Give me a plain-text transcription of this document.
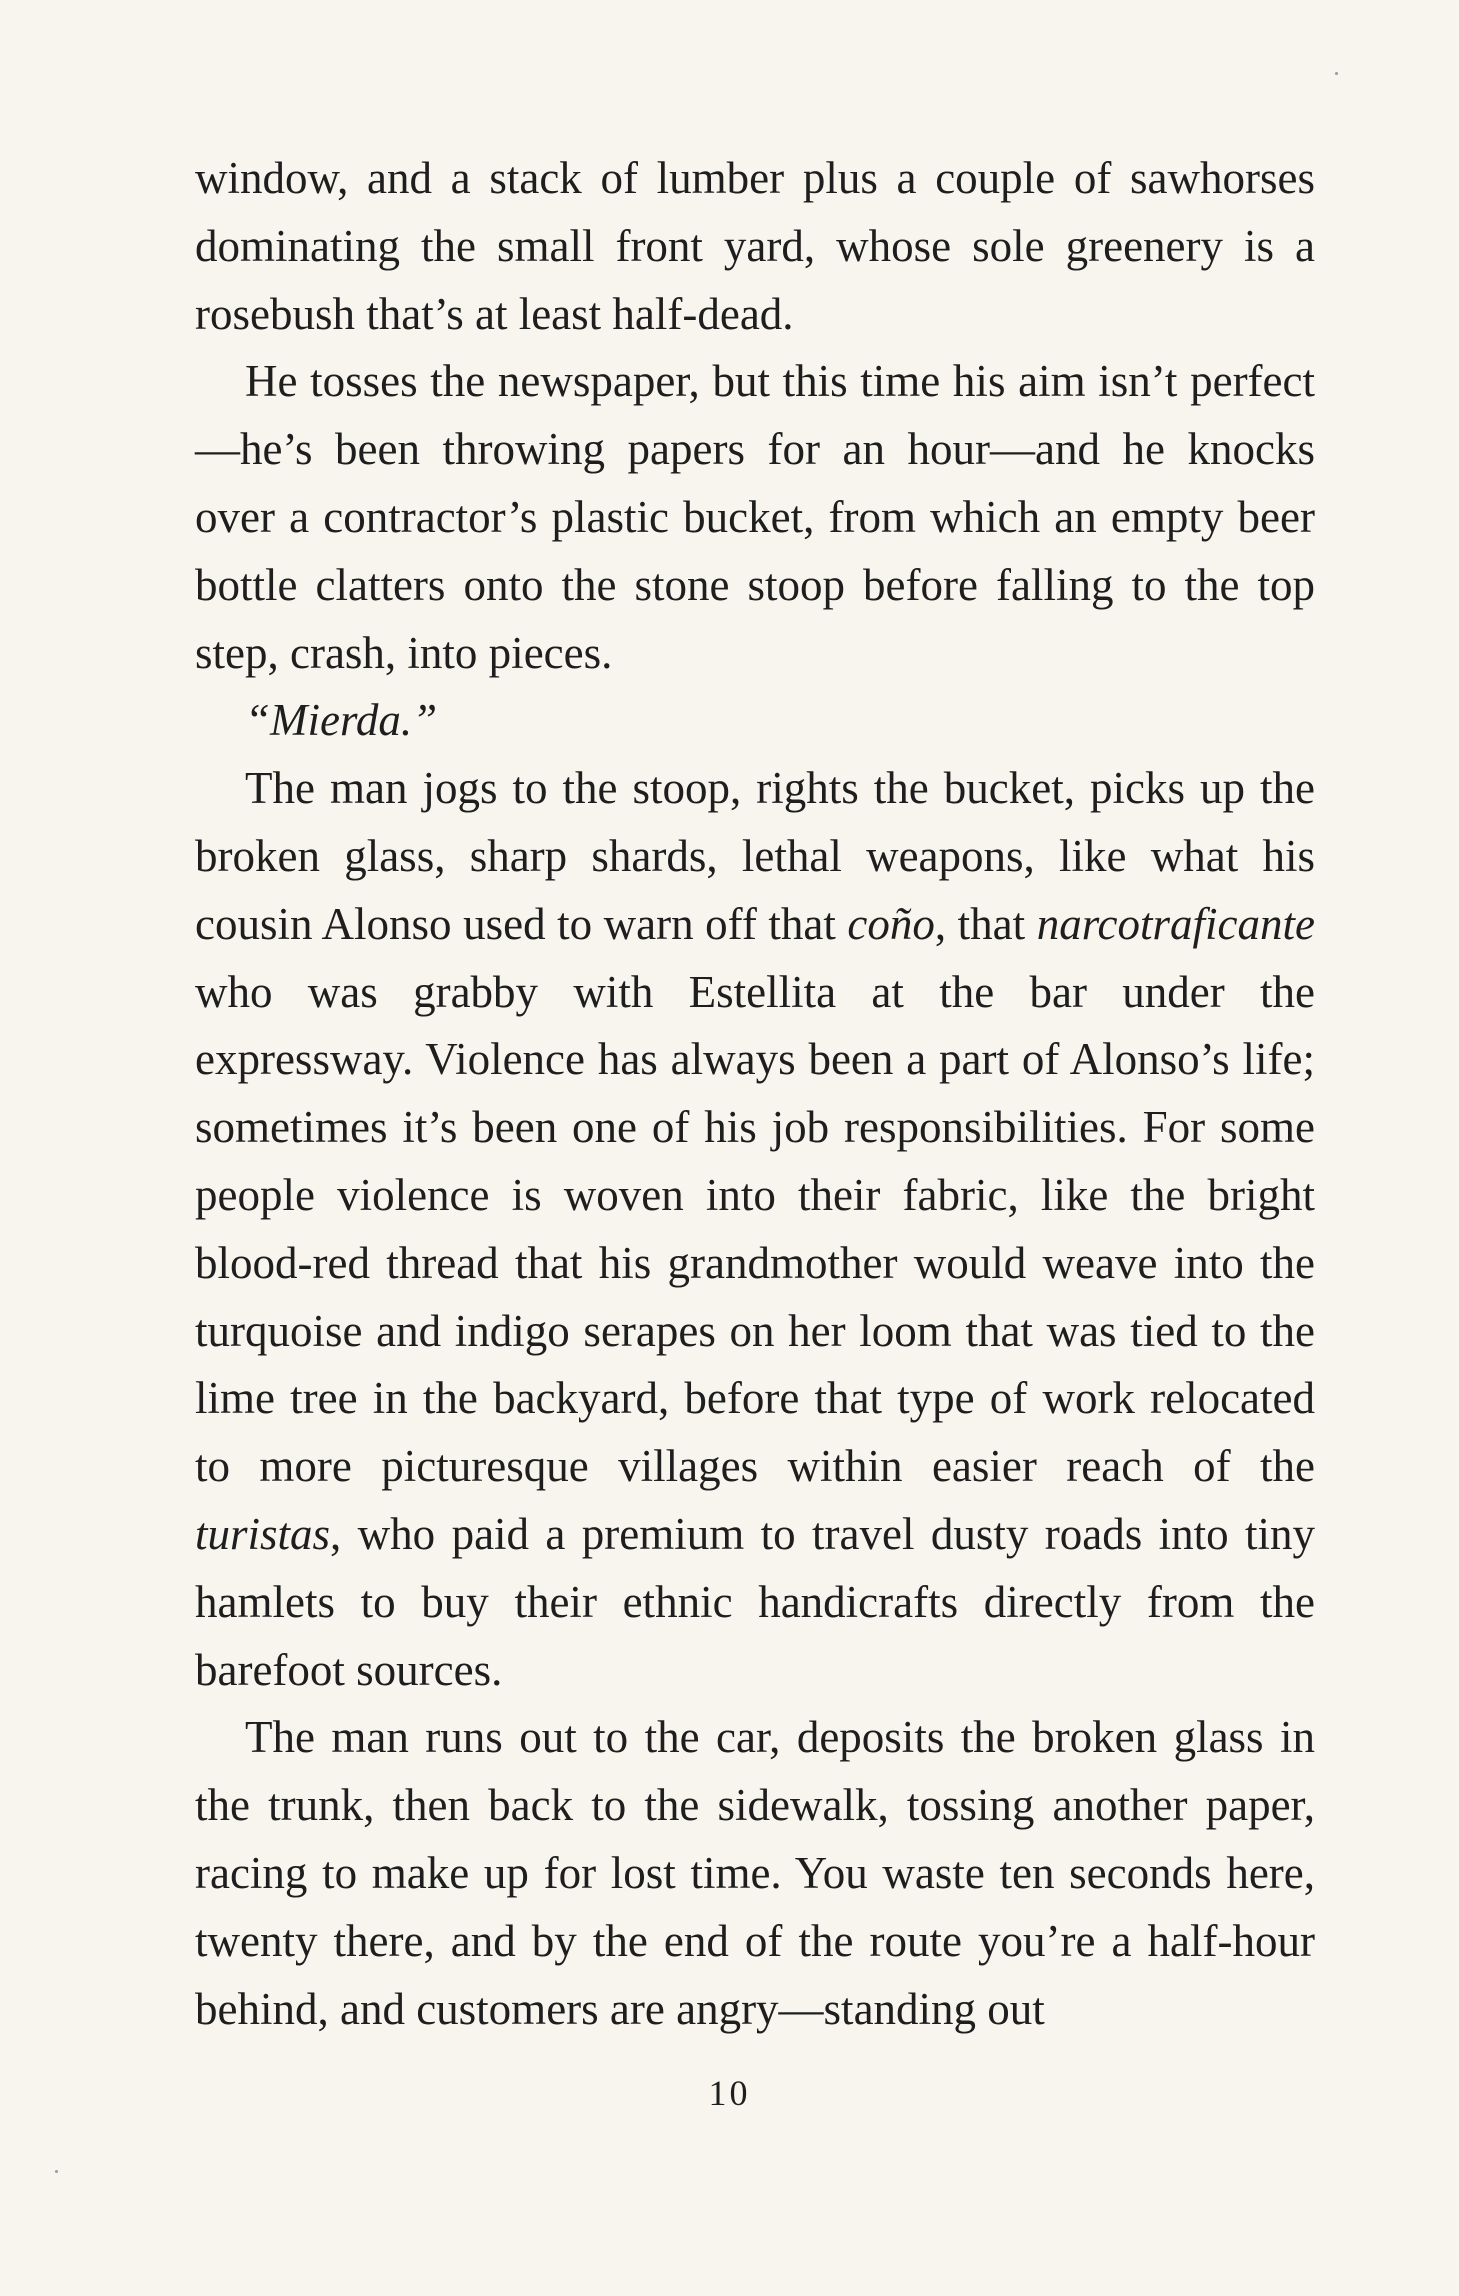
window, and a stack of lumber plus a couple of sawhorses dominating the small front yard, whose sole greenery is a rosebush that’s at least half-dead.

He tosses the newspaper, but this time his aim isn’t perfect—he’s been throwing papers for an hour—and he knocks over a contractor’s plastic bucket, from which an empty beer bottle clatters onto the stone stoop before falling to the top step, crash, into pieces.

“Mierda.”

The man jogs to the stoop, rights the bucket, picks up the broken glass, sharp shards, lethal weapons, like what his cousin Alonso used to warn off that coño, that narcotraficante who was grabby with Estellita at the bar under the expressway. Violence has always been a part of Alonso’s life; sometimes it’s been one of his job responsibilities. For some people violence is woven into their fabric, like the bright blood-red thread that his grandmother would weave into the turquoise and indigo serapes on her loom that was tied to the lime tree in the backyard, before that type of work relocated to more picturesque villages within easier reach of the turistas, who paid a premium to travel dusty roads into tiny hamlets to buy their ethnic handicrafts directly from the barefoot sources.

The man runs out to the car, deposits the broken glass in the trunk, then back to the sidewalk, tossing another paper, racing to make up for lost time. You waste ten seconds here, twenty there, and by the end of the route you’re a half-hour behind, and customers are angry—standing out

10
